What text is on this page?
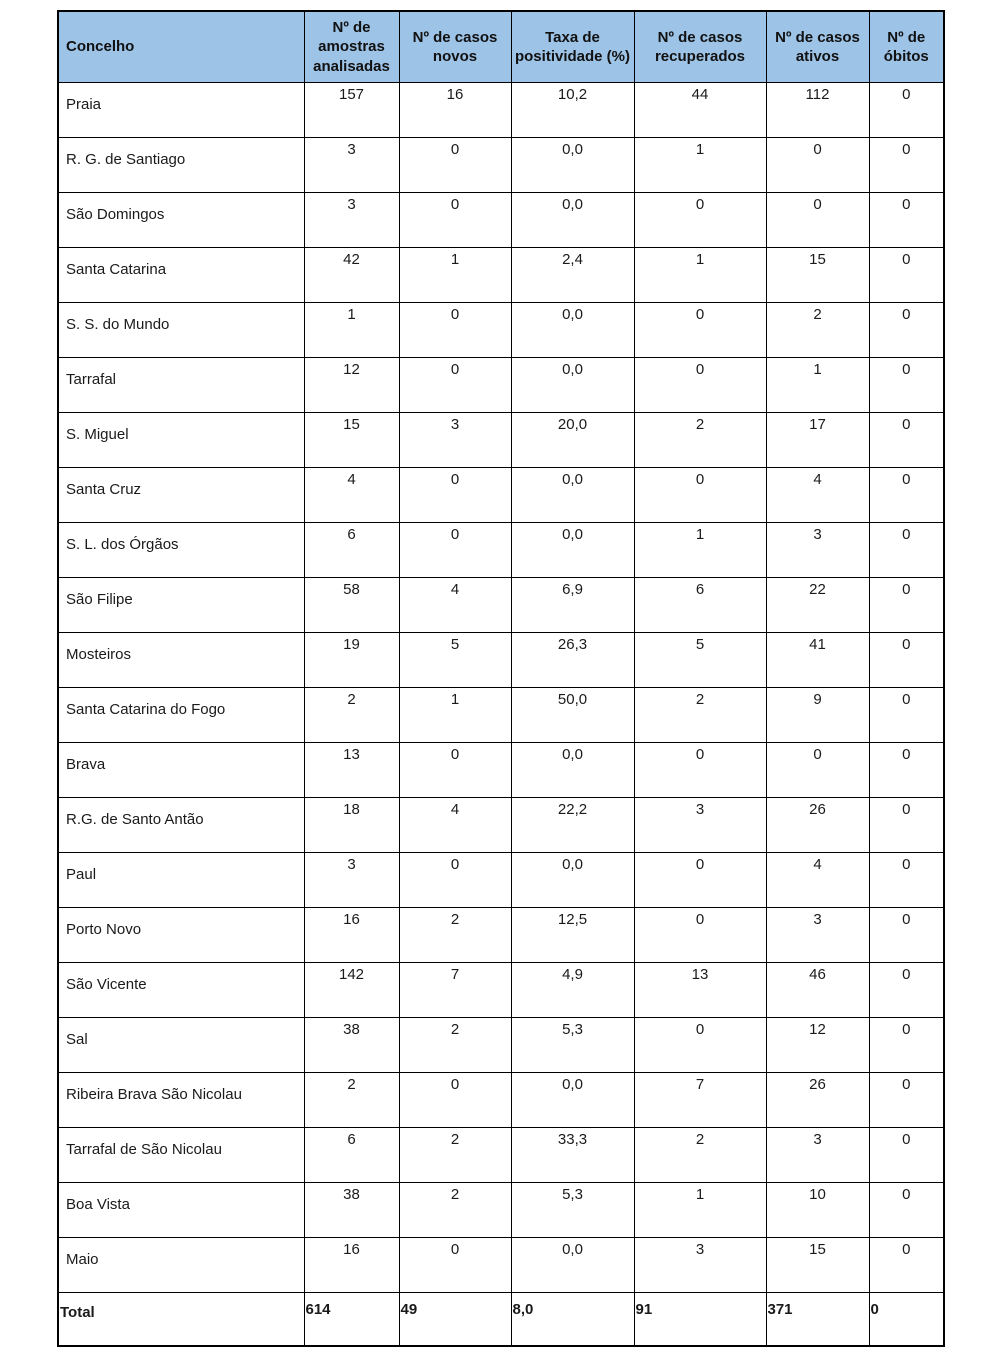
Concelho	Nº de amostras analisadas	Nº de casos novos	Taxa de positividade (%)	Nº de casos recuperados	Nº de casos ativos	Nº de óbitos
Praia	157	16	10,2	44	112	0
R. G. de Santiago	3	0	0,0	1	0	0
São Domingos	3	0	0,0	0	0	0
Santa Catarina	42	1	2,4	1	15	0
S. S. do Mundo	1	0	0,0	0	2	0
Tarrafal	12	0	0,0	0	1	0
S. Miguel	15	3	20,0	2	17	0
Santa Cruz	4	0	0,0	0	4	0
S. L. dos Órgãos	6	0	0,0	1	3	0
São Filipe	58	4	6,9	6	22	0
Mosteiros	19	5	26,3	5	41	0
Santa Catarina do Fogo	2	1	50,0	2	9	0
Brava	13	0	0,0	0	0	0
R.G. de Santo Antão	18	4	22,2	3	26	0
Paul	3	0	0,0	0	4	0
Porto Novo	16	2	12,5	0	3	0
São Vicente	142	7	4,9	13	46	0
Sal	38	2	5,3	0	12	0
Ribeira Brava São Nicolau	2	0	0,0	7	26	0
Tarrafal de São Nicolau	6	2	33,3	2	3	0
Boa Vista	38	2	5,3	1	10	0
Maio	16	0	0,0	3	15	0
Total	614	49	8,0	91	371	0
